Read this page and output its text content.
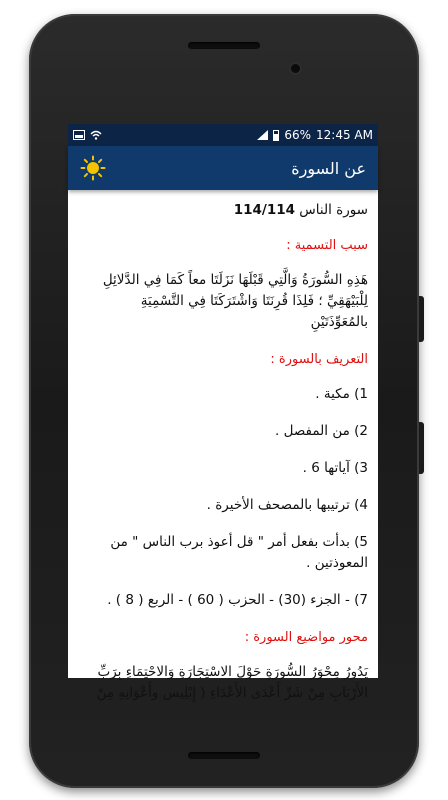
66% 12:45 AM
عن السورة

سورة الناس 114/114

سبب التسمية :

هَذِهِ السُّورَةُ وَالَّتِي قَبْلَهَا نَزَلَتَا معاً كَمَا فِي الدَّلائِلِ لِلْبَيْهَقِيِّ ؛ فَلِذَا قُرِنَتَا وَاشْتَرَكَتَا فِي التَّسْمِيَةِ بالمُعَوِّذَتَيْنِ

التعريف بالسورة :

1) مكية .

2) من المفصل .

3) آياتها 6 .

4) ترتيبها بالمصحف الأخيرة .

5) بدأت بفعل أمر " قل أعوذ برب الناس " من المعوذتين .

7) - الجزء (30) - الحزب ( 60 ) - الربع ( 8 ) .

محور مواضيع السورة :

يَدُورُ مِحْوَرُ السُّورَةِ حَوْلَ الاسْتِجَارَةِ وَالاحْتِمَاءِ بِرَبِّ الأَرْبَابِ مِنْ شَرِّ أَعْدَى الأَعْدَاءِ ( إِبْلِيس وأَعْوَانِهِ مِنْ
